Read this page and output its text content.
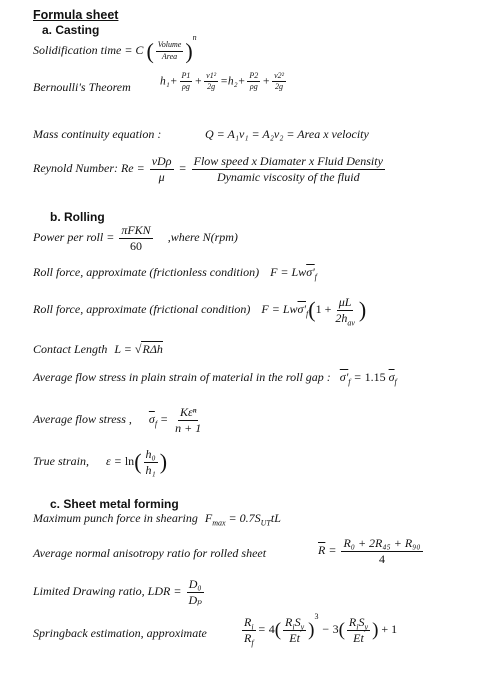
Formula sheet
a. Casting
Solidification time = C ( $\frac{\text{Volume}}{\text{Area}} )^n$
Bernoulli's Theorem	$h_1+ \frac{P1}{\rho g} + \frac{\text{v1²}}{2g} =h_2+ \frac{P2}{\rho g} + \frac{\text{v2²}}{2g}$
Mass continuity equation :	Q = A₁v₁ = A₂v₂ = Area x velocity
Reynold Number: $Re = \frac{\text{vDρ}}{\mu} = \frac{\text{Flow speed x Diamater x Fluid Density}}{\text{Dynamic viscosity of the fluid}}$
b. Rolling
Power per roll = $\frac{\text{πFKN}}{60}$ ,where N(rpm)
Roll force, approximate (frictionless condition) $F = Lw\sigma'_f$
Roll force, approximate (frictional condition) $F = Lw\sigma'_f(1 + \frac{\mu L}{2h_{av}}$ )
Contact Length L = √RΔh
Average flow stress in plain strain of material in the roll gap : $\sigma'_f = 1.15$ $\overline{\sigma}_f$
Average flow stress , $\overline{\sigma}_f = \frac{\text{Kεⁿ}}{n + 1}$
True strain, $\varepsilon = \ln( \frac{\text{h₀}}{\text{h₁}}$ )
c. Sheet metal forming
Maximum punch force in shearing $F_{max} = 0.7S_{UT}tL$
Average normal anisotropy ratio for rolled sheet	$\overline{R} = \frac{\text{R₀ + 2R₄₅ + R₉₀}}{4}$
Limited Drawing ratio, LDR = $\frac{\text{D₀}}{\text{Dₚ}}$
Springback estimation, approximate	$\frac{R_i}{R_f} = 4( \frac{R_iS_y}{Et} )^3 - 3( \frac{R_iS_y}{Et}$ ) + 1
